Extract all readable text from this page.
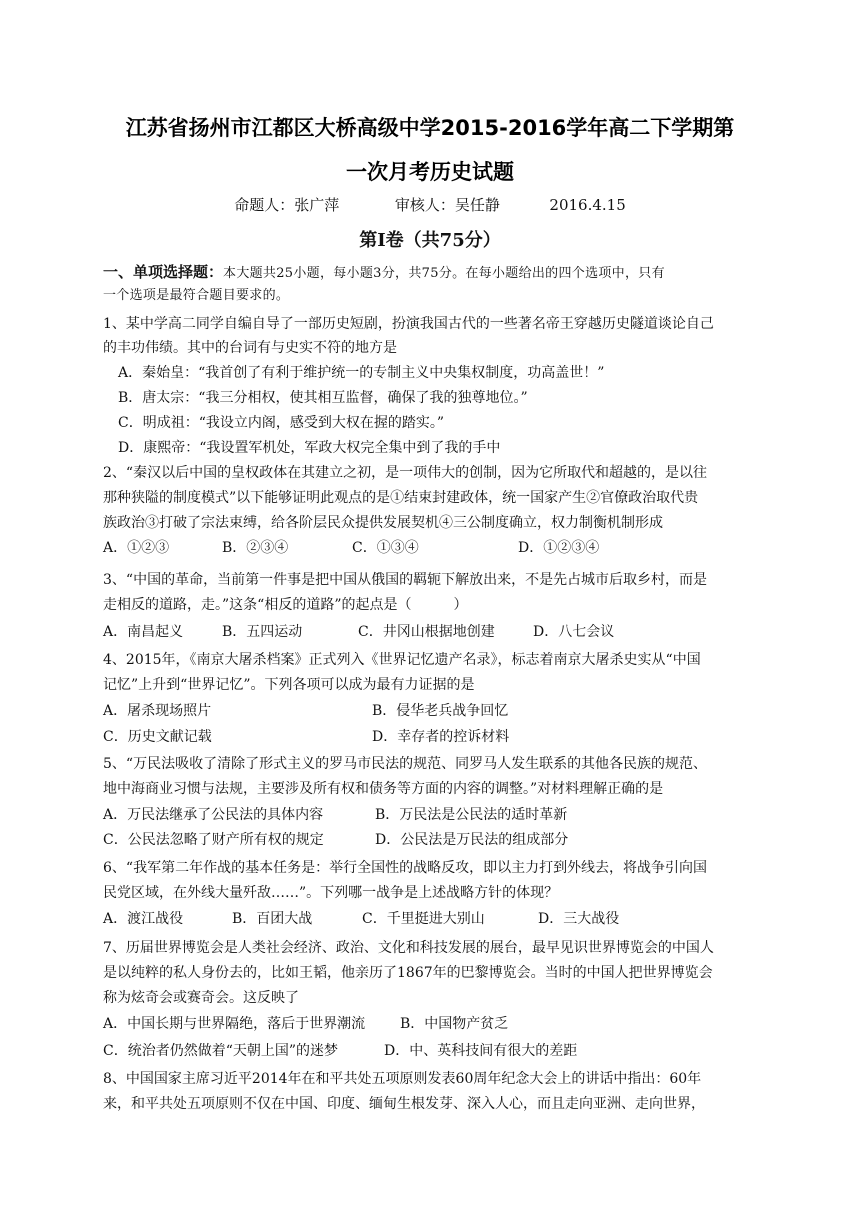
江苏省扬州市江都区大桥高级中学2015-2016学年高二下学期第
一次月考历史试题
命题人：张广萍	审核人：吴任静	2016.4.15
第Ⅰ卷（共75分）
一、单项选择题：本大题共25小题，每小题3分，共75分。在每小题给出的四个选项中，只有
一个选项是最符合题目要求的。
1、某中学高二同学自编自导了一部历史短剧，扮演我国古代的一些著名帝王穿越历史隧道谈论自己
的丰功伟绩。其中的台词有与史实不符的地方是
A．秦始皇：“我首创了有利于维护统一的专制主义中央集权制度，功高盖世！”
B．唐太宗：“我三分相权，使其相互监督，确保了我的独尊地位。”
C．明成祖：“我设立内阁，感受到大权在握的踏实。”
D．康熙帝：“我设置军机处，军政大权完全集中到了我的手中
2、“秦汉以后中国的皇权政体在其建立之初，是一项伟大的创制，因为它所取代和超越的，是以往
那种狭隘的制度模式”以下能够证明此观点的是①结束封建政体，统一国家产生②官僚政治取代贵
族政治③打破了宗法束缚，给各阶层民众提供发展契机④三公制度确立，权力制衡机制形成
A．①②③	B．②③④	C．①③④	D．①②③④
3、“中国的革命，当前第一件事是把中国从俄国的羁轭下解放出来，不是先占城市后取乡村，而是
走相反的道路，走。”这条“相反的道路”的起点是（　　　）
A．南昌起义	B．五四运动	C．井冈山根据地创建	D．八七会议
4、2015年，《南京大屠杀档案》正式列入《世界记忆遗产名录》，标志着南京大屠杀史实从“中国
记忆”上升到“世界记忆”。下列各项可以成为最有力证据的是
A．屠杀现场照片	B．侵华老兵战争回忆
C．历史文献记载	D．幸存者的控诉材料
5、“万民法吸收了清除了形式主义的罗马市民法的规范、同罗马人发生联系的其他各民族的规范、
地中海商业习惯与法规，主要涉及所有权和债务等方面的内容的调整。”对材料理解正确的是
A．万民法继承了公民法的具体内容	B．万民法是公民法的适时革新
C．公民法忽略了财产所有权的规定	D．公民法是万民法的组成部分
6、“我军第二年作战的基本任务是：举行全国性的战略反攻，即以主力打到外线去，将战争引向国
民党区域，在外线大量歼敌……”。下列哪一战争是上述战略方针的体现？
A．渡江战役	B．百团大战	C．千里挺进大别山	D．三大战役
7、历届世界博览会是人类社会经济、政治、文化和科技发展的展台，最早见识世界博览会的中国人
是以纯粹的私人身份去的，比如王韬，他亲历了1867年的巴黎博览会。当时的中国人把世界博览会
称为炫奇会或赛奇会。这反映了
A．中国长期与世界隔绝，落后于世界潮流 B．中国物产贫乏
C．统治者仍然做着“天朝上国”的迷梦	D．中、英科技间有很大的差距
8、中国国家主席习近平2014年在和平共处五项原则发表60周年纪念大会上的讲话中指出：60年
来，和平共处五项原则不仅在中国、印度、缅甸生根发芽、深入人心，而且走向亚洲、走向世界，
